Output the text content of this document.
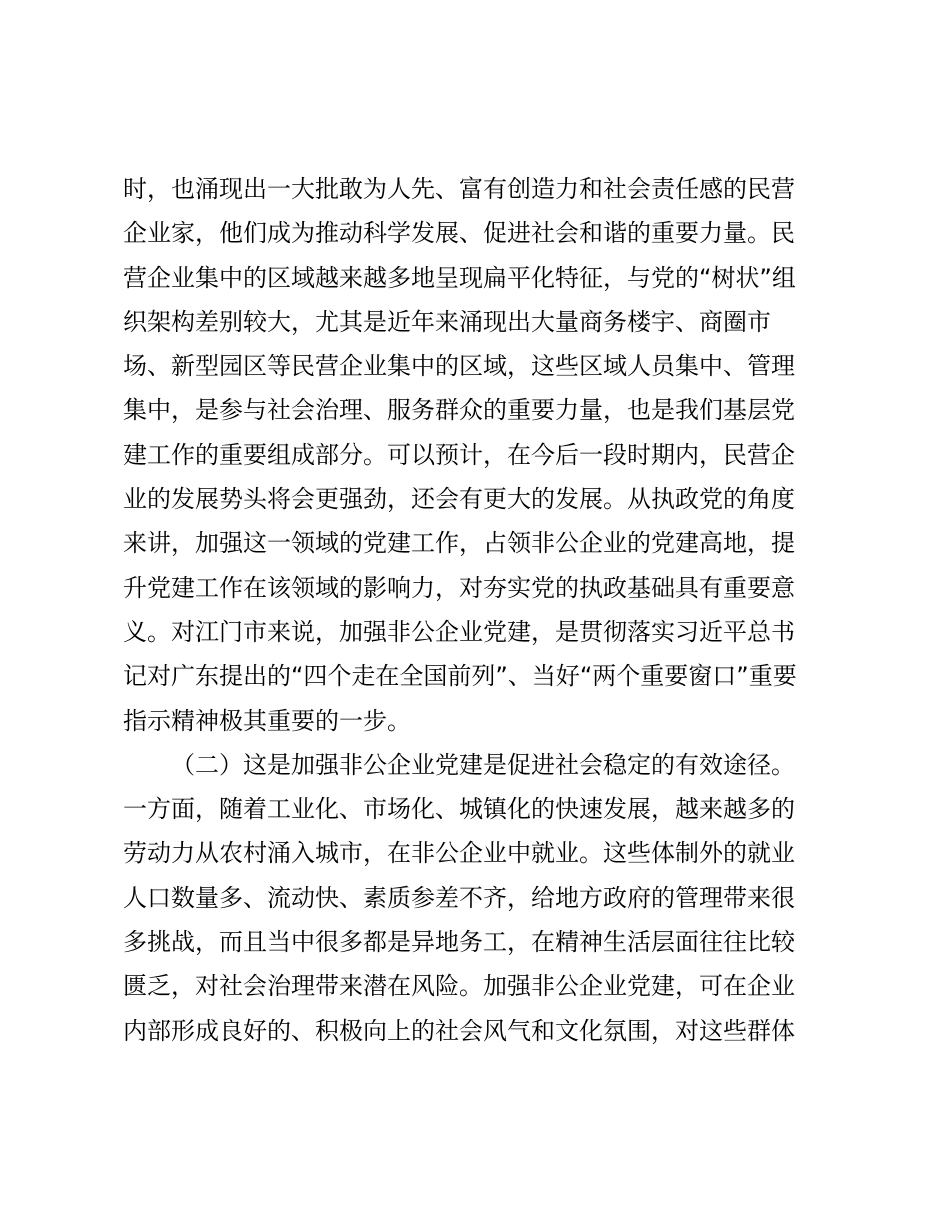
时，也涌现出一大批敢为人先、富有创造力和社会责任感的民营
企业家，他们成为推动科学发展、促进社会和谐的重要力量。民
营企业集中的区域越来越多地呈现扁平化特征，与党的“树状”组
织架构差别较大，尤其是近年来涌现出大量商务楼宇、商圈市
场、新型园区等民营企业集中的区域，这些区域人员集中、管理
集中，是参与社会治理、服务群众的重要力量，也是我们基层党
建工作的重要组成部分。可以预计，在今后一段时期内，民营企
业的发展势头将会更强劲，还会有更大的发展。从执政党的角度
来讲，加强这一领域的党建工作，占领非公企业的党建高地，提
升党建工作在该领域的影响力，对夯实党的执政基础具有重要意
义。对江门市来说，加强非公企业党建，是贯彻落实习近平总书
记对广东提出的“四个走在全国前列”、当好“两个重要窗口”重要
指示精神极其重要的一步。
（二）这是加强非公企业党建是促进社会稳定的有效途径。
一方面，随着工业化、市场化、城镇化的快速发展，越来越多的
劳动力从农村涌入城市，在非公企业中就业。这些体制外的就业
人口数量多、流动快、素质参差不齐，给地方政府的管理带来很
多挑战，而且当中很多都是异地务工，在精神生活层面往往比较
匮乏，对社会治理带来潜在风险。加强非公企业党建，可在企业
内部形成良好的、积极向上的社会风气和文化氛围，对这些群体
